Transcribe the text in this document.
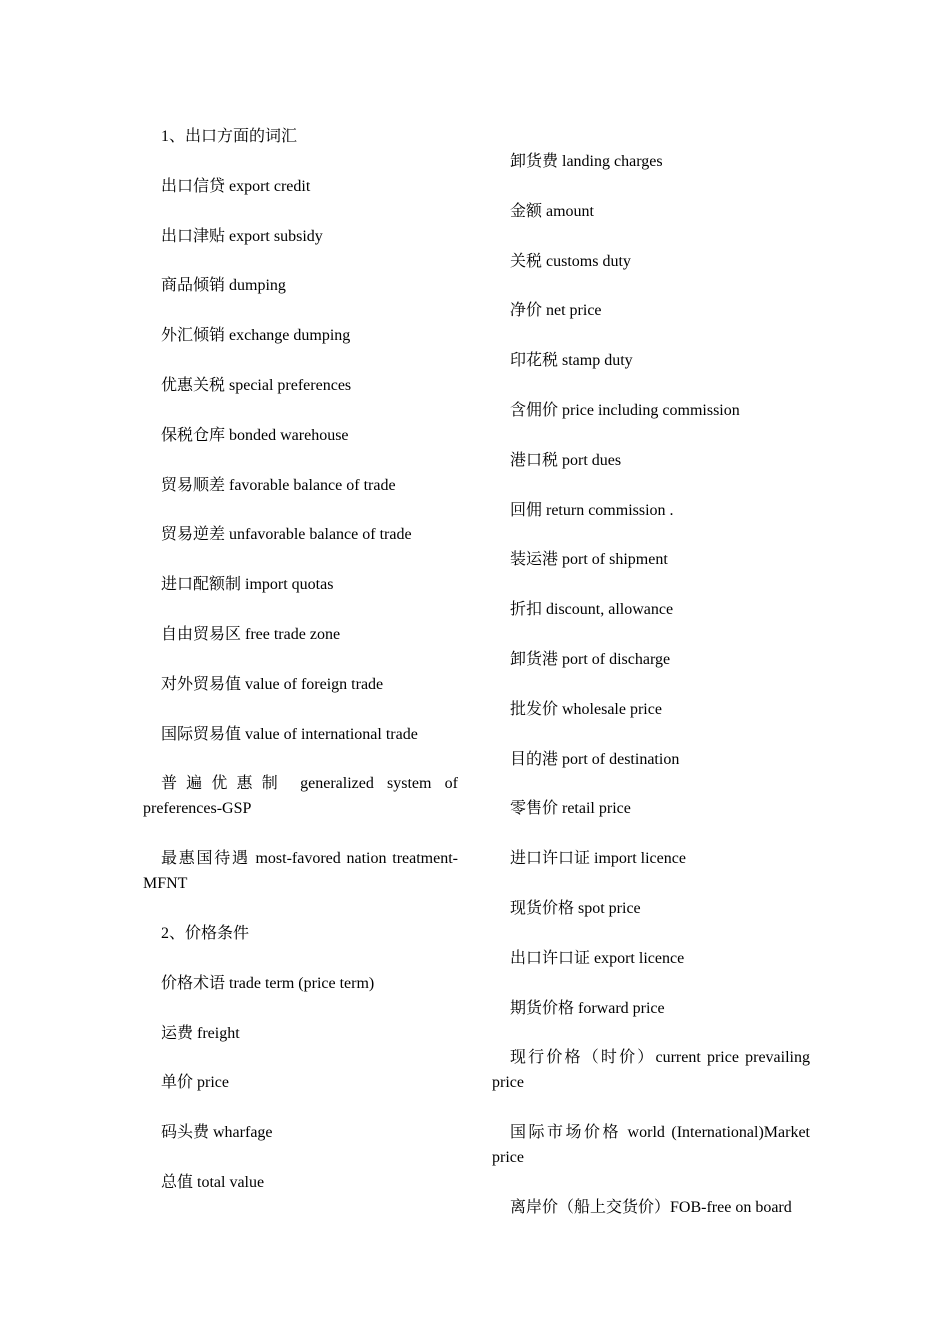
1、出口方面的词汇

出口信贷 export credit

出口津贴 export subsidy

商品倾销 dumping

外汇倾销 exchange dumping

优惠关税 special preferences

保税仓库 bonded warehouse

贸易顺差 favorable balance of trade

贸易逆差 unfavorable balance of trade

进口配额制 import quotas

自由贸易区 free trade zone

对外贸易值 value of foreign trade

国际贸易值 value of international trade

普遍优惠制 generalized system of preferences-GSP

最惠国待遇 most-favored nation treatment-MFNT

2、价格条件

价格术语 trade term (price term)

运费 freight

单价 price

码头费 wharfage

总值 total value

卸货费 landing charges

金额 amount

关税 customs duty

净价 net price

印花税 stamp duty

含佣价 price including commission

港口税 port dues

回佣 return commission .

装运港 port of shipment

折扣 discount, allowance

卸货港 port of discharge

批发价 wholesale price

目的港 port of destination

零售价 retail price

进口许口证 import licence

现货价格 spot price

出口许口证 export licence

期货价格 forward price

现行价格（时价）current price prevailing price

国际市场价格 world (International)Market price

离岸价（船上交货价）FOB-free on board
